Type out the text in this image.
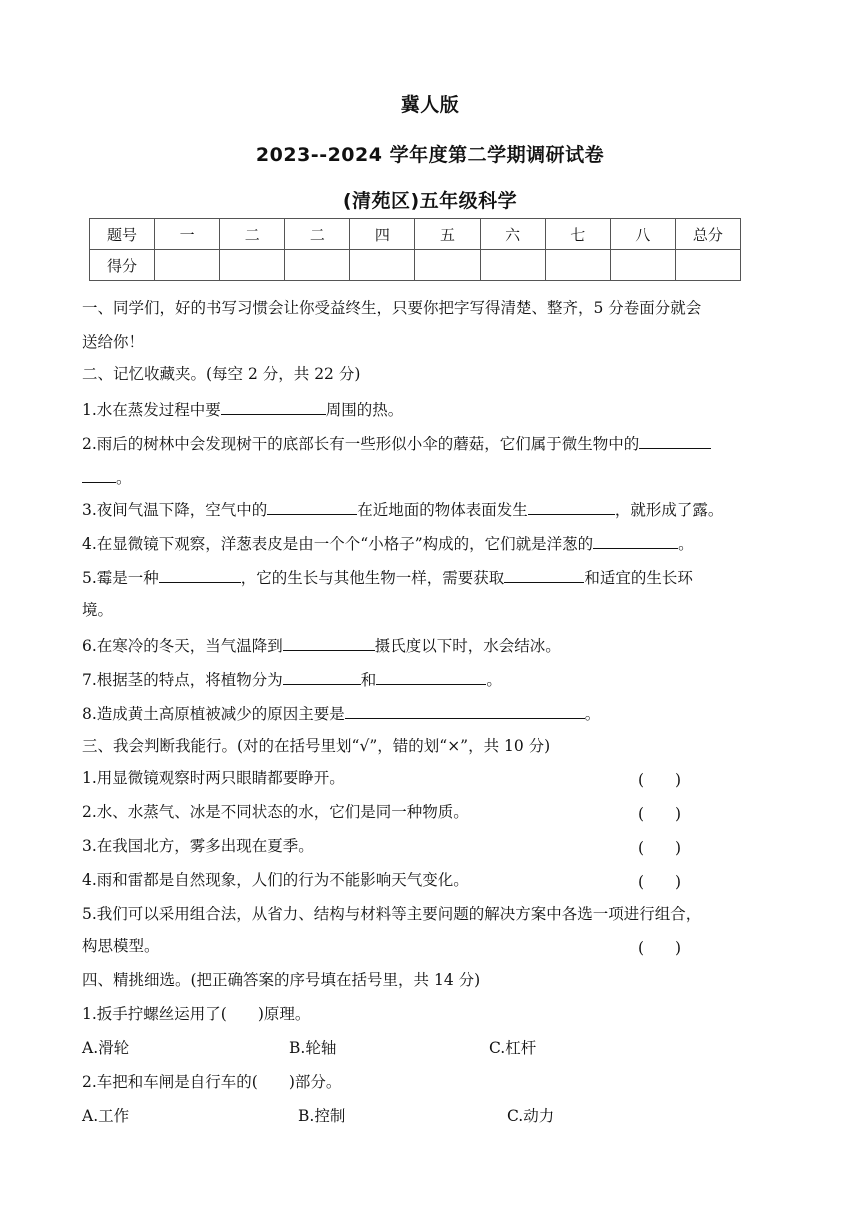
冀人版
2023--2024 学年度第二学期调研试卷
(清苑区)五年级科学
题号	一	二	二	四	五	六	七	八	总分
得分									
一、同学们，好的书写习惯会让你受益终生，只要你把字写得清楚、整齐，5 分卷面分就会
送给你！
二、记忆收藏夹。(每空 2 分，共 22 分)
1.水在蒸发过程中要	周围的热。
2.雨后的树林中会发现树干的底部长有一些形似小伞的蘑菇，它们属于微生物中的
。
3.夜间气温下降，空气中的	在近地面的物体表面发生	，就形成了露。
4.在显微镜下观察，洋葱表皮是由一个个“小格子”构成的，它们就是洋葱的	。
5.霉是一种	，它的生长与其他生物一样，需要获取	和适宜的生长环
境。
6.在寒冷的冬天，当气温降到	摄氏度以下时，水会结冰。
7.根据茎的特点，将植物分为	和	。
8.造成黄土高原植被减少的原因主要是	。
三、我会判断我能行。(对的在括号里划“√”，错的划“×”，共 10 分)
1.用显微镜观察时两只眼睛都要睁开。	(　　)
2.水、水蒸气、冰是不同状态的水，它们是同一种物质。	(　　)
3.在我国北方，雾多出现在夏季。	(　　)
4.雨和雷都是自然现象，人们的行为不能影响天气变化。	(　　)
5.我们可以采用组合法，从省力、结构与材料等主要问题的解决方案中各选一项进行组合，
构思模型。	(　　)
四、精挑细选。(把正确答案的序号填在括号里，共 14 分)
1.扳手拧螺丝运用了(　　)原理。
A.滑轮	B.轮轴	C.杠杆
2.车把和车闸是自行车的(　　)部分。
A.工作	B.控制	C.动力
